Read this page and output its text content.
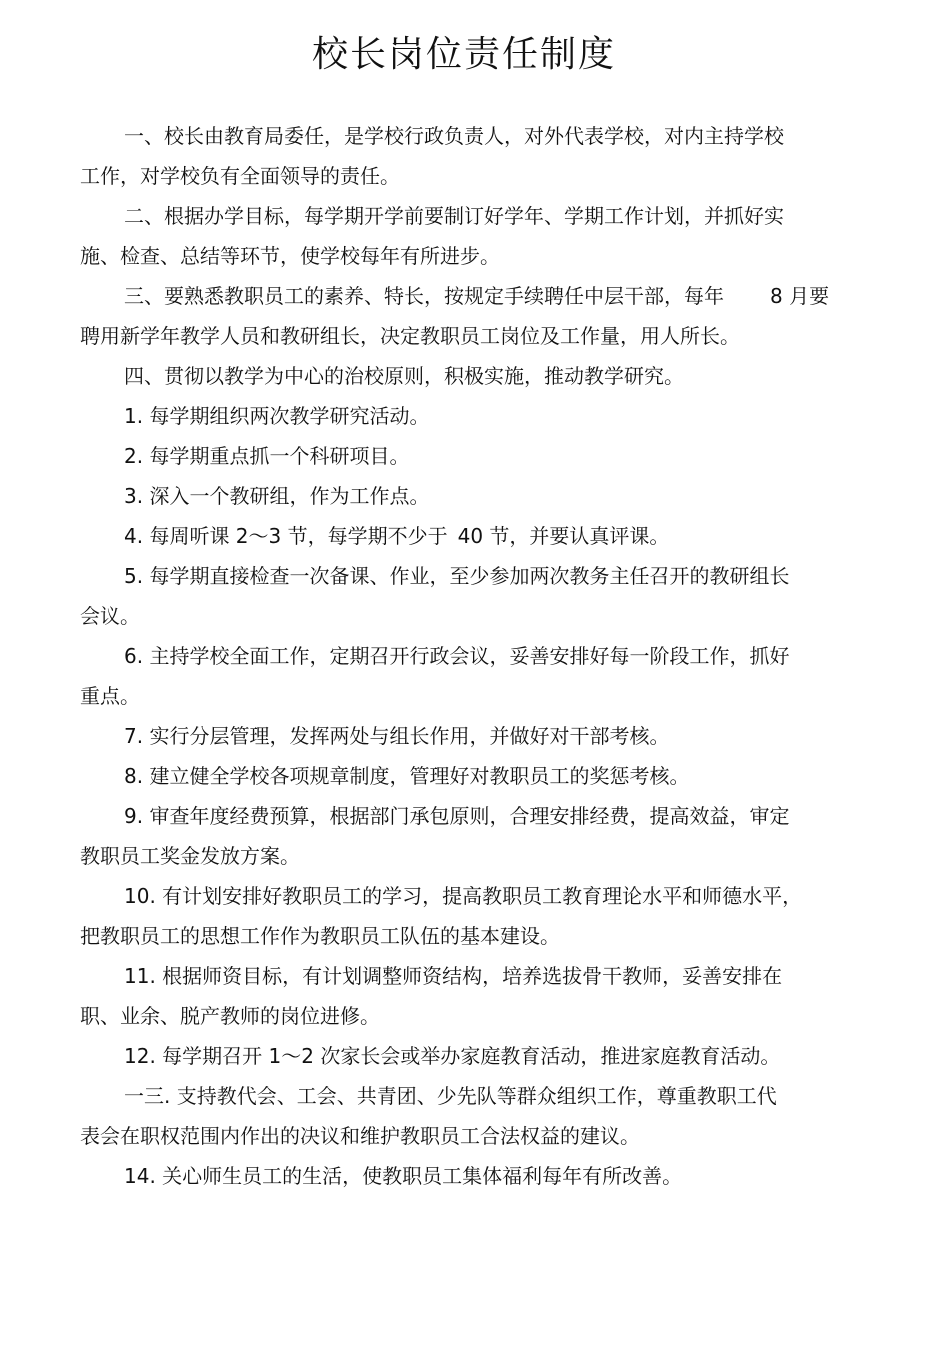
校长岗位责任制度
一、校长由教育局委任，是学校行政负责人，对外代表学校，对内主持学校
工作，对学校负有全面领导的责任。
二、根据办学目标，每学期开学前要制订好学年、学期工作计划，并抓好实
施、检查、总结等环节，使学校每年有所进步。
三、要熟悉教职员工的素养、特长，按规定手续聘任中层干部，每年 8 月要
聘用新学年教学人员和教研组长，决定教职员工岗位及工作量，用人所长。
四、贯彻以教学为中心的治校原则，积极实施，推动教学研究。
1. 每学期组织两次教学研究活动。
2. 每学期重点抓一个科研项目。
3. 深入一个教研组，作为工作点。
4. 每周听课 2～3 节，每学期不少于 40 节，并要认真评课。
5. 每学期直接检查一次备课、作业，至少参加两次教务主任召开的教研组长
会议。
6. 主持学校全面工作，定期召开行政会议，妥善安排好每一阶段工作，抓好
重点。
7. 实行分层管理，发挥两处与组长作用，并做好对干部考核。
8. 建立健全学校各项规章制度，管理好对教职员工的奖惩考核。
9. 审查年度经费预算，根据部门承包原则，合理安排经费，提高效益，审定
教职员工奖金发放方案。
10. 有计划安排好教职员工的学习，提高教职员工教育理论水平和师德水平，
把教职员工的思想工作作为教职员工队伍的基本建设。
11. 根据师资目标，有计划调整师资结构，培养选拔骨干教师，妥善安排在
职、业余、脱产教师的岗位进修。
12. 每学期召开 1～2 次家长会或举办家庭教育活动，推进家庭教育活动。
一三. 支持教代会、工会、共青团、少先队等群众组织工作，尊重教职工代
表会在职权范围内作出的决议和维护教职员工合法权益的建议。
14. 关心师生员工的生活，使教职员工集体福利每年有所改善。
